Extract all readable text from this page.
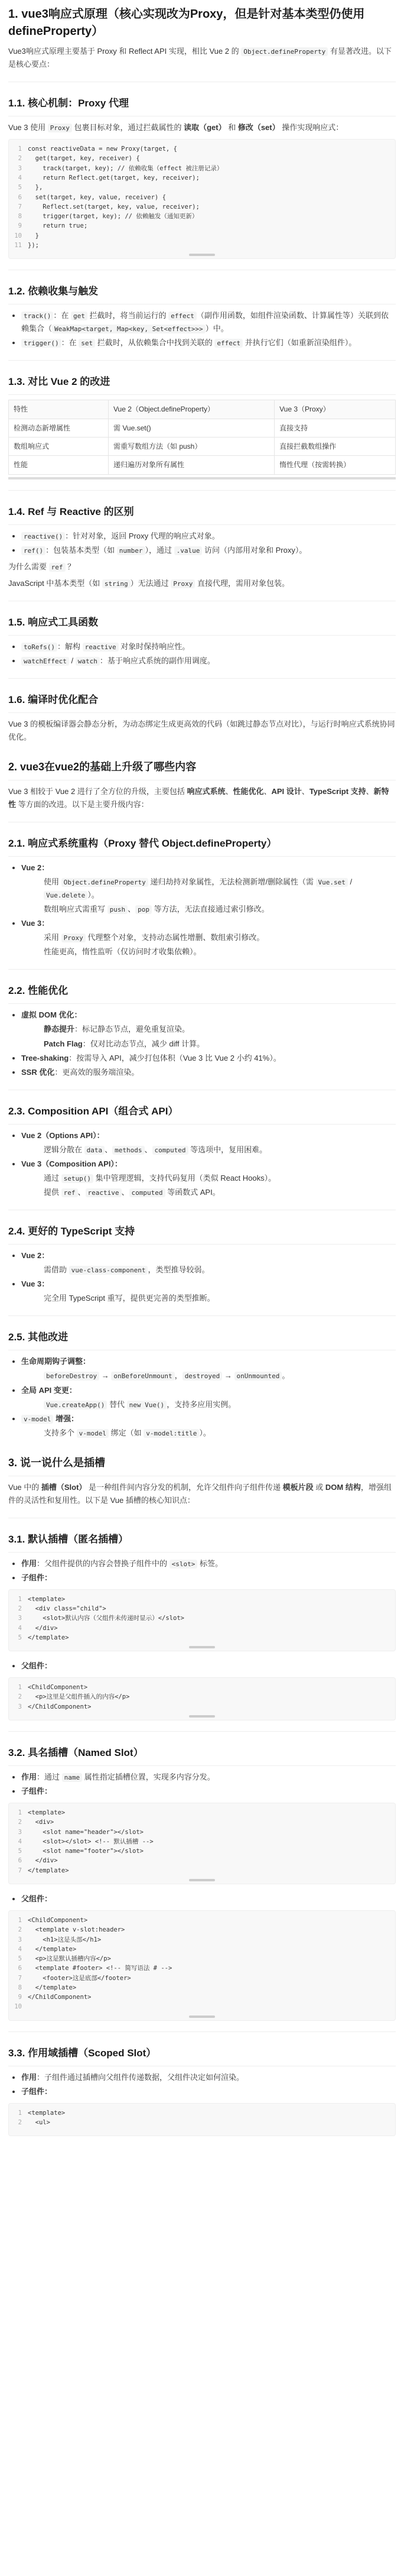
1. vue3响应式原理（核心实现改为Proxy，但是针对基本类型仍使用defineProperty）

Vue3响应式原理主要基于 Proxy 和 Reflect API 实现，相比 Vue 2 的 Object.defineProperty 有显著改进。以下是核心要点：

1.1. 核心机制：Proxy 代理

Vue 3 使用 Proxy 包裹目标对象，通过拦截属性的 读取（get） 和 修改（set） 操作实现响应式：

1 const reactiveData = new Proxy(target, {
2  get(target, key, receiver) {
3    track(target, key); // 依赖收集（effect 被注册记录）
4    return Reflect.get(target, key, receiver);
5  },
6  set(target, key, value, receiver) {
7    Reflect.set(target, key, value, receiver);
8    trigger(target, key); // 依赖触发（通知更新）
9    return true;
10  }
11 });
1.2. 依赖收集与触发
• track() ：在 get 拦截时，将当前运行的 effect （副作用函数，如组件渲染函数、计算属性等）关联到依赖集合（ WeakMap<target, Map<key, Set<effect>>> ）中。
• trigger() ：在 set 拦截时，从依赖集合中找到关联的 effect 并执行它们（如重新渲染组件）。
1.3. 对比 Vue 2 的改进
特性	Vue 2（Object.defineProperty）	Vue 3（Proxy）
检测动态新增属性	需 Vue.set()	直接支持
数组响应式	需重写数组方法（如 push）	直接拦截数组操作
性能	递归遍历对象所有属性	惰性代理（按需转换）
1.4. Ref 与 Reactive 的区别
• reactive() ：针对对象，返回 Proxy 代理的响应式对象。
• ref() ：包装基本类型（如 number ），通过 .value 访问（内部用对象和 Proxy）。

为什么需要 ref ？

JavaScript 中基本类型（如 string ）无法通过 Proxy 直接代理，需用对象包装。

1.5. 响应式工具函数
• toRefs() ：解构 reactive 对象时保持响应性。
• watchEffect / watch ：基于响应式系统的副作用调度。
1.6. 编译时优化配合

Vue 3 的模板编译器会静态分析，为动态绑定生成更高效的代码（如跳过静态节点对比），与运行时响应式系统协同优化。

2. vue3在vue2的基础上升级了哪些内容

Vue 3 相较于 Vue 2 进行了全方位的升级，主要包括 响应式系统、性能优化、API 设计、TypeScript 支持、新特性 等方面的改进。以下是主要升级内容：

2.1. 响应式系统重构（Proxy 替代 Object.defineProperty）
• Vue 2：
使用 Object.defineProperty 递归劫持对象属性，无法检测新增/删除属性（需 Vue.set / Vue.delete ）。
数组响应式需重写 push 、 pop 等方法，无法直接通过索引修改。
• Vue 3：
采用 Proxy 代理整个对象，支持动态属性增删、数组索引修改。
性能更高，惰性监听（仅访问时才收集依赖）。
2.2. 性能优化
• 虚拟 DOM 优化：
静态提升：标记静态节点，避免重复渲染。
Patch Flag：仅对比动态节点，减少 diff 计算。
• Tree-shaking：按需导入 API，减少打包体积（Vue 3 比 Vue 2 小约 41%）。
• SSR 优化：更高效的服务端渲染。
2.3. Composition API（组合式 API）
• Vue 2（Options API）：
逻辑分散在 data 、 methods 、 computed 等选项中，复用困难。
• Vue 3（Composition API）：
通过 setup() 集中管理逻辑，支持代码复用（类似 React Hooks）。
提供 ref 、 reactive 、 computed 等函数式 API。
2.4. 更好的 TypeScript 支持
• Vue 2：
需借助 vue-class-component ，类型推导较弱。
• Vue 3：
完全用 TypeScript 重写，提供更完善的类型推断。
2.5. 其他改进
• 生命周期钩子调整：
beforeDestroy → onBeforeUnmount ， destroyed → onUnmounted 。
• 全局 API 变更：
Vue.createApp() 替代 new Vue() ，支持多应用实例。
• v-model 增强：
支持多个 v-model 绑定（如 v-model:title ）。
3. 说一说什么是插槽

Vue 中的 插槽（Slot） 是一种组件间内容分发的机制，允许父组件向子组件传递 模板片段 或 DOM 结构，增强组件的灵活性和复用性。以下是 Vue 插槽的核心知识点：

3.1. 默认插槽（匿名插槽）
• 作用：父组件提供的内容会替换子组件中的 <slot> 标签。
• 子组件：
1 <template>
2  <div class="child">
3    <slot>默认内容（父组件未传递时显示）</slot>
4  </div>
5 </template>
• 父组件：
1 <ChildComponent>
2  <p>这里是父组件插入的内容</p>
3 </ChildComponent>
3.2. 具名插槽（Named Slot）
• 作用：通过 name 属性指定插槽位置，实现多内容分发。
• 子组件：
1 <template>
2  <div>
3    <slot name="header"></slot>
4    <slot></slot> <!-- 默认插槽 -->
5    <slot name="footer"></slot>
6  </div>
7 </template>
• 父组件：
1 <ChildComponent>
2  <template v-slot:header>
3    <h1>这是头部</h1>
4  </template>
5  <p>这是默认插槽内容</p>
6  <template #footer> <!-- 简写语法 # -->
7    <footer>这是底部</footer>
8  </template>
9 </ChildComponent>
10
3.3. 作用域插槽（Scoped Slot）
• 作用：子组件通过插槽向父组件传递数据，父组件决定如何渲染。
• 子组件：
1 <template>
2  <ul>
